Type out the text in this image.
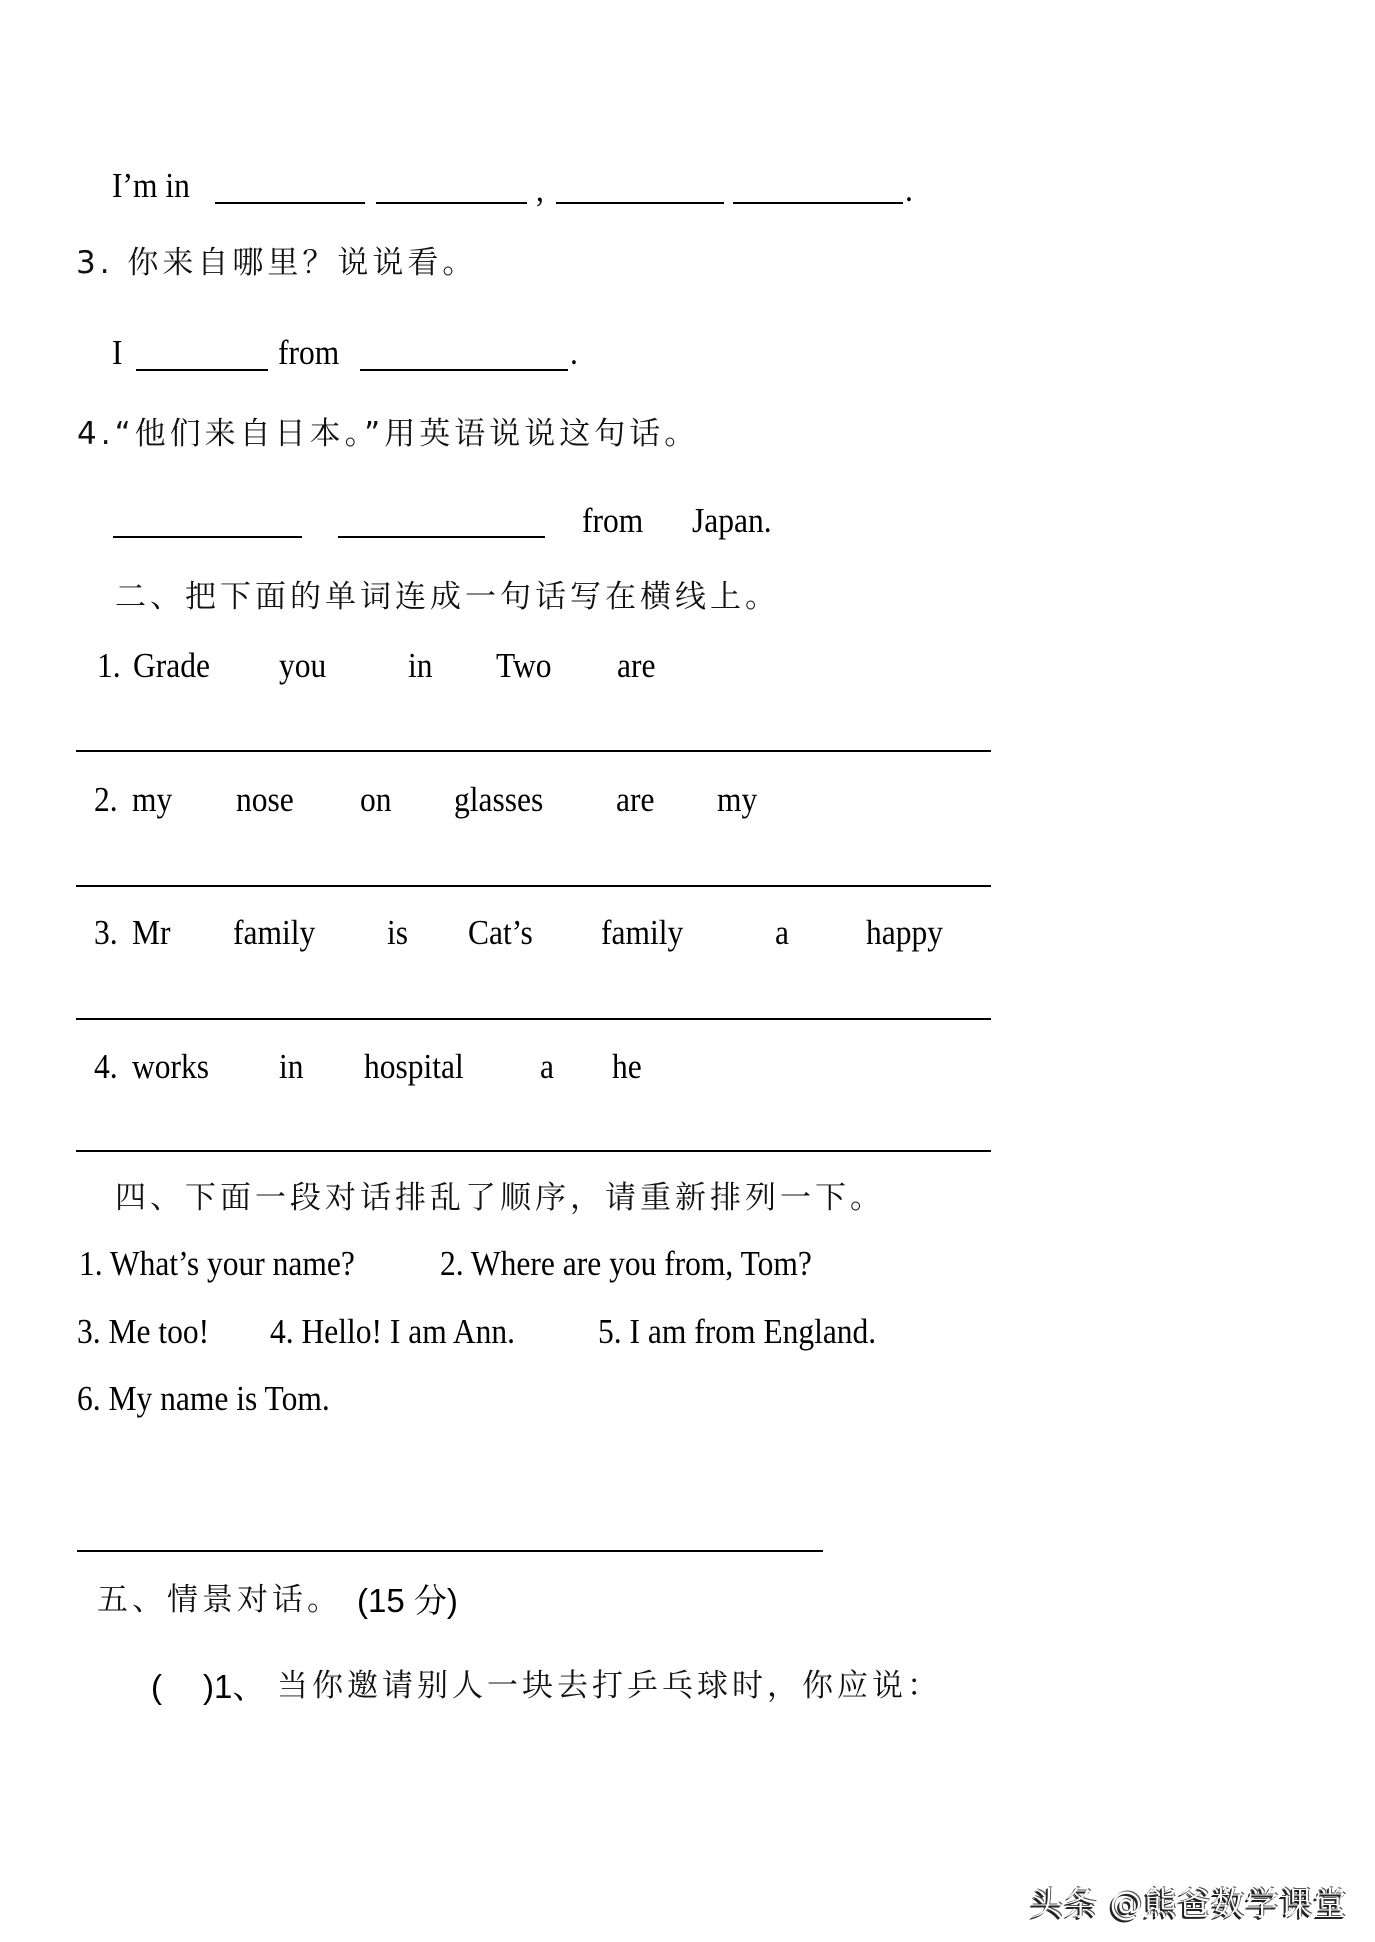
I’m in	,	.
3. 你来自哪里？说说看。
I	from	.
4.“他们来自日本。”用英语说说这句话。
from Japan.
二、把下面的单词连成一句话写在横线上。
1. Grade you in Two are
2. my nose on glasses are my
3. Mr family is Cat’s family	a happy
4. works in hospital a he
四、下面一段对话排乱了顺序，请重新排列一下。
1. What’s your name? 2. Where are you from, Tom?
3. Me too! 4. Hello! I am Ann. 5. I am from England.
6. My name is Tom.
五、情景对话。 (15 分)
( )1、 当你邀请别人一块去打乒乓球时，你应说：
头条 @熊爸数学课堂
